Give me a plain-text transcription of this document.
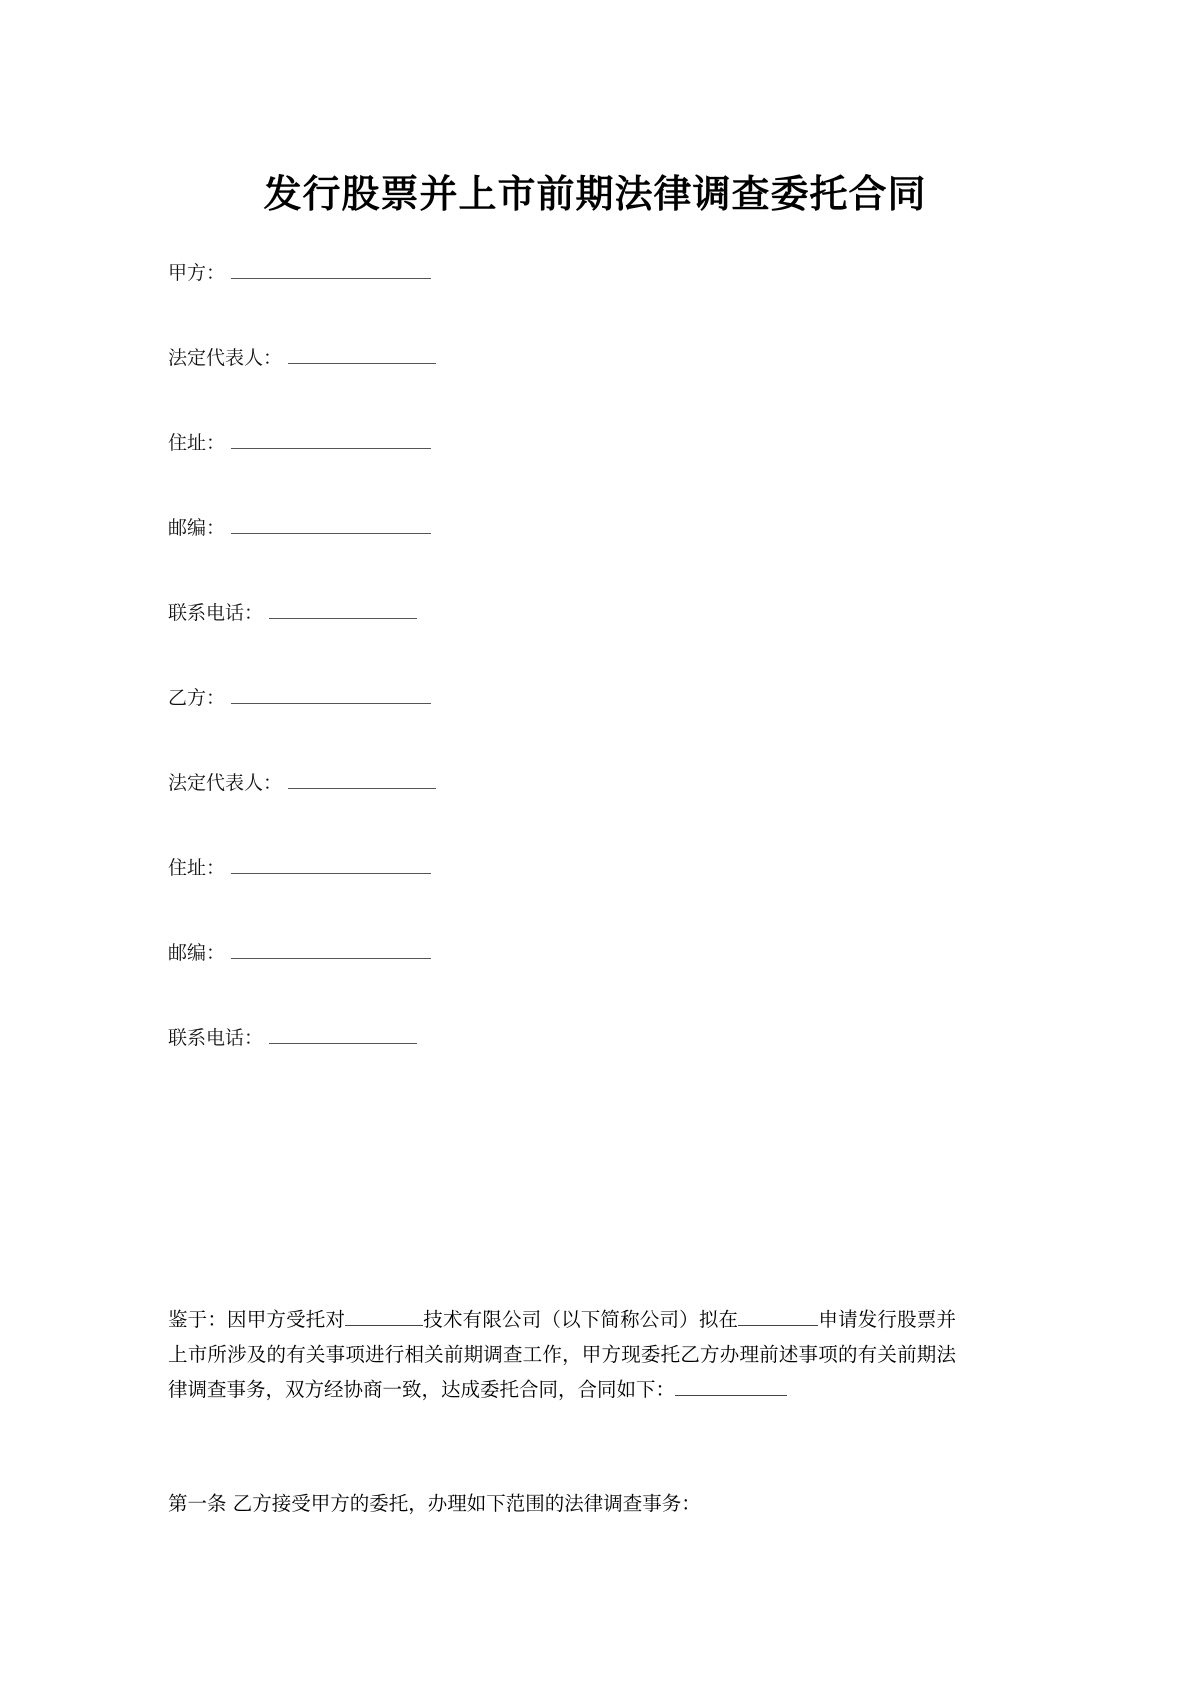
发行股票并上市前期法律调查委托合同
甲方：
法定代表人：
住址：
邮编：
联系电话：
乙方：
法定代表人：
住址：
邮编：
联系电话：

鉴于：因甲方受托对	技术有限公司（以下简称公司）拟在	申请发行股票并上市所涉及的有关事项进行相关前期调查工作，甲方现委托乙方办理前述事项的有关前期法律调查事务，双方经协商一致，达成委托合同，合同如下：

第一条 乙方接受甲方的委托，办理如下范围的法律调查事务：
